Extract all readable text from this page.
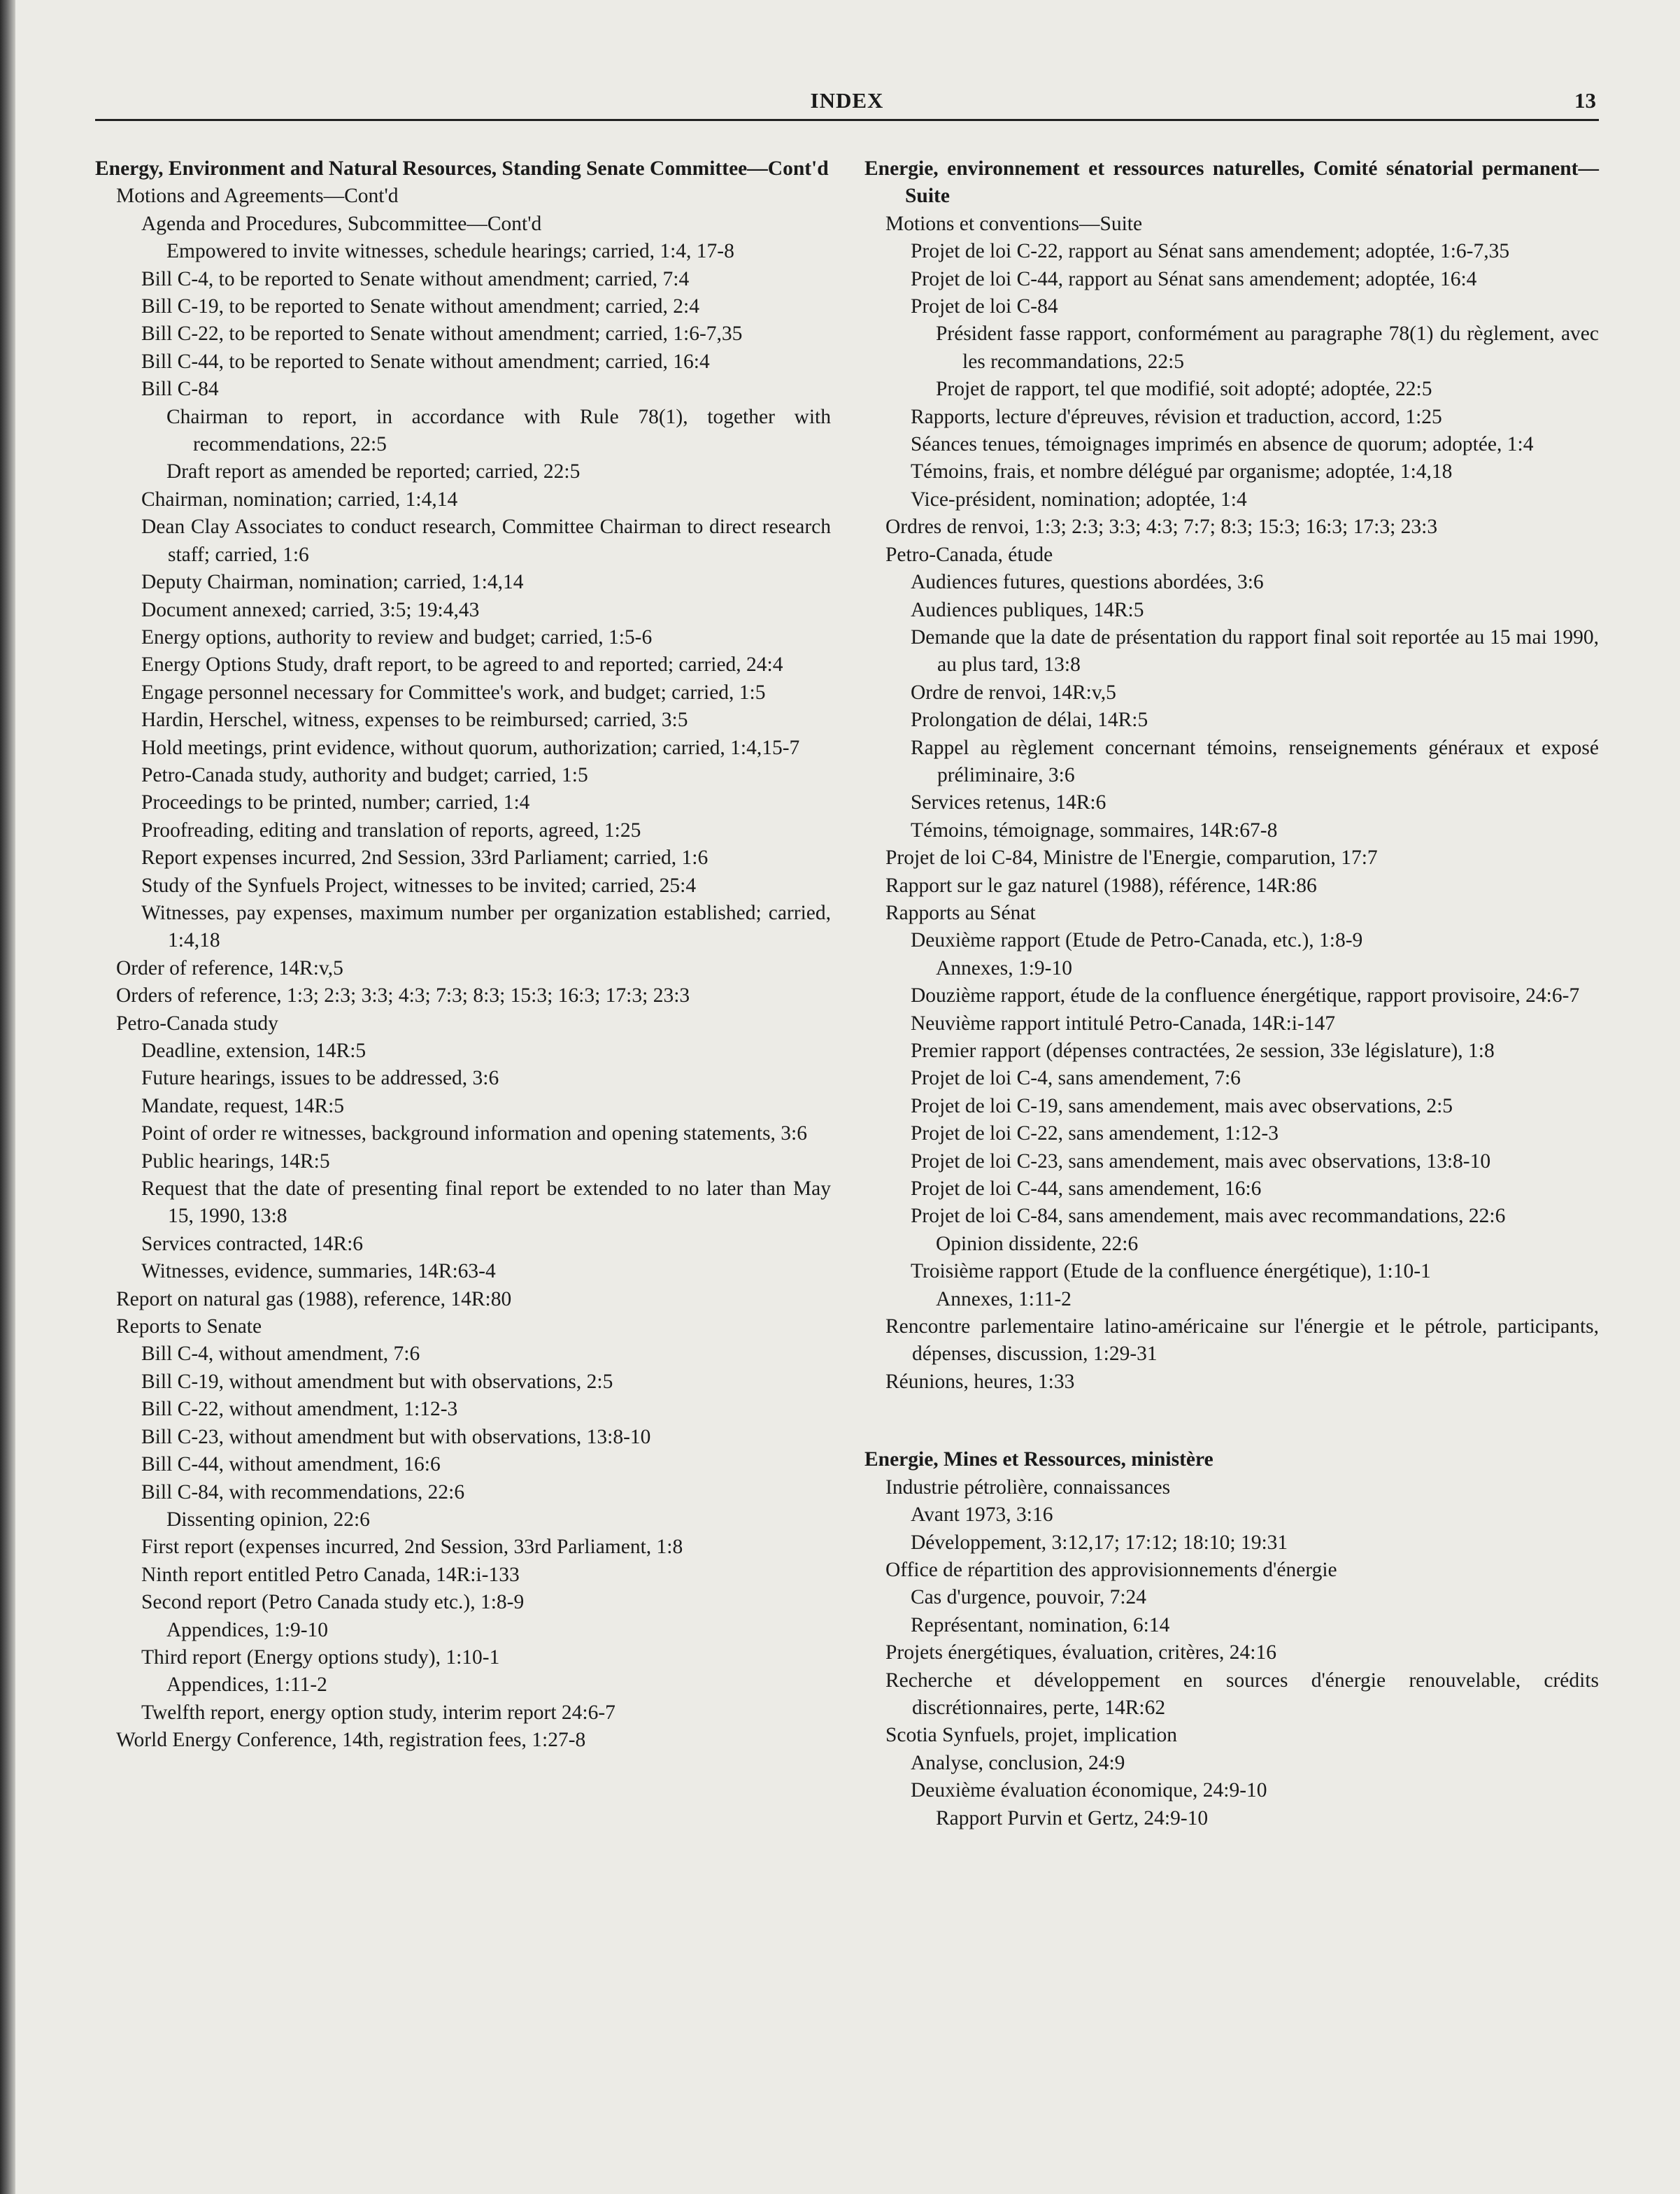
INDEX	13
Energy, Environment and Natural Resources, Standing Senate Committee—Cont'd
Motions and Agreements—Cont'd
Agenda and Procedures, Subcommittee—Cont'd
Empowered to invite witnesses, schedule hearings; carried, 1:4, 17-8
Bill C-4, to be reported to Senate without amendment; carried, 7:4
Bill C-19, to be reported to Senate without amendment; carried, 2:4
Bill C-22, to be reported to Senate without amendment; carried, 1:6-7,35
Bill C-44, to be reported to Senate without amendment; carried, 16:4
Bill C-84
Chairman to report, in accordance with Rule 78(1), together with recommendations, 22:5
Draft report as amended be reported; carried, 22:5
Chairman, nomination; carried, 1:4,14
Dean Clay Associates to conduct research, Committee Chairman to direct research staff; carried, 1:6
Deputy Chairman, nomination; carried, 1:4,14
Document annexed; carried, 3:5; 19:4,43
Energy options, authority to review and budget; carried, 1:5-6
Energy Options Study, draft report, to be agreed to and reported; carried, 24:4
Engage personnel necessary for Committee's work, and budget; carried, 1:5
Hardin, Herschel, witness, expenses to be reimbursed; carried, 3:5
Hold meetings, print evidence, without quorum, authorization; carried, 1:4,15-7
Petro-Canada study, authority and budget; carried, 1:5
Proceedings to be printed, number; carried, 1:4
Proofreading, editing and translation of reports, agreed, 1:25
Report expenses incurred, 2nd Session, 33rd Parliament; carried, 1:6
Study of the Synfuels Project, witnesses to be invited; carried, 25:4
Witnesses, pay expenses, maximum number per organization established; carried, 1:4,18
Order of reference, 14R:v,5
Orders of reference, 1:3; 2:3; 3:3; 4:3; 7:3; 8:3; 15:3; 16:3; 17:3; 23:3
Petro-Canada study
Deadline, extension, 14R:5
Future hearings, issues to be addressed, 3:6
Mandate, request, 14R:5
Point of order re witnesses, background information and opening statements, 3:6
Public hearings, 14R:5
Request that the date of presenting final report be extended to no later than May 15, 1990, 13:8
Services contracted, 14R:6
Witnesses, evidence, summaries, 14R:63-4
Report on natural gas (1988), reference, 14R:80
Reports to Senate
Bill C-4, without amendment, 7:6
Bill C-19, without amendment but with observations, 2:5
Bill C-22, without amendment, 1:12-3
Bill C-23, without amendment but with observations, 13:8-10
Bill C-44, without amendment, 16:6
Bill C-84, with recommendations, 22:6
Dissenting opinion, 22:6
First report (expenses incurred, 2nd Session, 33rd Parliament, 1:8
Ninth report entitled Petro Canada, 14R:i-133
Second report (Petro Canada study etc.), 1:8-9
Appendices, 1:9-10
Third report (Energy options study), 1:10-1
Appendices, 1:11-2
Twelfth report, energy option study, interim report 24:6-7
World Energy Conference, 14th, registration fees, 1:27-8
Energie, environnement et ressources naturelles, Comité sénatorial permanent—Suite
Motions et conventions—Suite
Projet de loi C-22, rapport au Sénat sans amendement; adoptée, 1:6-7,35
Projet de loi C-44, rapport au Sénat sans amendement; adoptée, 16:4
Projet de loi C-84
Président fasse rapport, conformément au paragraphe 78(1) du règlement, avec les recommandations, 22:5
Projet de rapport, tel que modifié, soit adopté; adoptée, 22:5
Rapports, lecture d'épreuves, révision et traduction, accord, 1:25
Séances tenues, témoignages imprimés en absence de quorum; adoptée, 1:4
Témoins, frais, et nombre délégué par organisme; adoptée, 1:4,18
Vice-président, nomination; adoptée, 1:4
Ordres de renvoi, 1:3; 2:3; 3:3; 4:3; 7:7; 8:3; 15:3; 16:3; 17:3; 23:3
Petro-Canada, étude
Audiences futures, questions abordées, 3:6
Audiences publiques, 14R:5
Demande que la date de présentation du rapport final soit reportée au 15 mai 1990, au plus tard, 13:8
Ordre de renvoi, 14R:v,5
Prolongation de délai, 14R:5
Rappel au règlement concernant témoins, renseignements généraux et exposé préliminaire, 3:6
Services retenus, 14R:6
Témoins, témoignage, sommaires, 14R:67-8
Projet de loi C-84, Ministre de l'Energie, comparution, 17:7
Rapport sur le gaz naturel (1988), référence, 14R:86
Rapports au Sénat
Deuxième rapport (Etude de Petro-Canada, etc.), 1:8-9
Annexes, 1:9-10
Douzième rapport, étude de la confluence énergétique, rapport provisoire, 24:6-7
Neuvième rapport intitulé Petro-Canada, 14R:i-147
Premier rapport (dépenses contractées, 2e session, 33e législature), 1:8
Projet de loi C-4, sans amendement, 7:6
Projet de loi C-19, sans amendement, mais avec observations, 2:5
Projet de loi C-22, sans amendement, 1:12-3
Projet de loi C-23, sans amendement, mais avec observations, 13:8-10
Projet de loi C-44, sans amendement, 16:6
Projet de loi C-84, sans amendement, mais avec recommandations, 22:6
Opinion dissidente, 22:6
Troisième rapport (Etude de la confluence énergétique), 1:10-1
Annexes, 1:11-2
Rencontre parlementaire latino-américaine sur l'énergie et le pétrole, participants, dépenses, discussion, 1:29-31
Réunions, heures, 1:33
Energie, Mines et Ressources, ministère
Industrie pétrolière, connaissances
Avant 1973, 3:16
Développement, 3:12,17; 17:12; 18:10; 19:31
Office de répartition des approvisionnements d'énergie
Cas d'urgence, pouvoir, 7:24
Représentant, nomination, 6:14
Projets énergétiques, évaluation, critères, 24:16
Recherche et développement en sources d'énergie renouvelable, crédits discrétionnaires, perte, 14R:62
Scotia Synfuels, projet, implication
Analyse, conclusion, 24:9
Deuxième évaluation économique, 24:9-10
Rapport Purvin et Gertz, 24:9-10
